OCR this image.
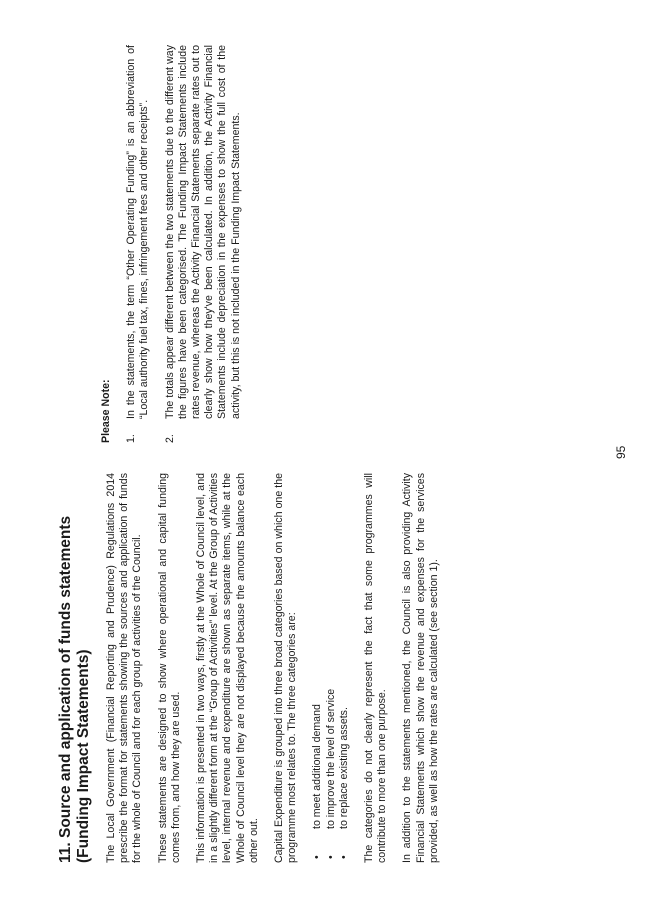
11. Source and application of funds statements (Funding Impact Statements) The Local Government (Financial Reporting and Prudence) Regulations 2014 prescribe the format for statements showing the sources and application of funds for the whole of Council and for each group of activities of the Council. These statements are designed to show where operational and capital funding comes from, and how they are used. This information is presented in two ways, firstly at the Whole of Council level, and in a slightly different form at the “Group of Activities” level. At the Group of Activities level, internal revenue and expenditure are shown as separate items, while at the Whole of Council level they are not displayed because the amounts balance each other out. Capital Expenditure is grouped into three broad categories based on which one the programme most relates to. The three categories are: •
to meet additional demand
•
to improve the level of service
•
to replace existing assets. The categories do not clearly represent the fact that some programmes will contribute to more than one purpose. In addition to the statements mentioned, the Council is also providing Activity Financial Statements which show the revenue and expenses for the services provided, as well as how the rates are calculated (see section 1).

Please Note: 1.
In the statements, the term “Other Operating Funding” is an abbreviation of “Local authority fuel tax, fines, infringement fees and other receipts”.
2.
The totals appear different between the two statements due to the different way the figures have been categorised. The Funding Impact Statements include rates revenue, whereas the Activity Financial Statements separate rates out to clearly show how they've been calculated. In addition, the Activity Financial Statements include depreciation in the expenses to show the full cost of the activity, but this is not included in the Funding Impact Statements.
95
